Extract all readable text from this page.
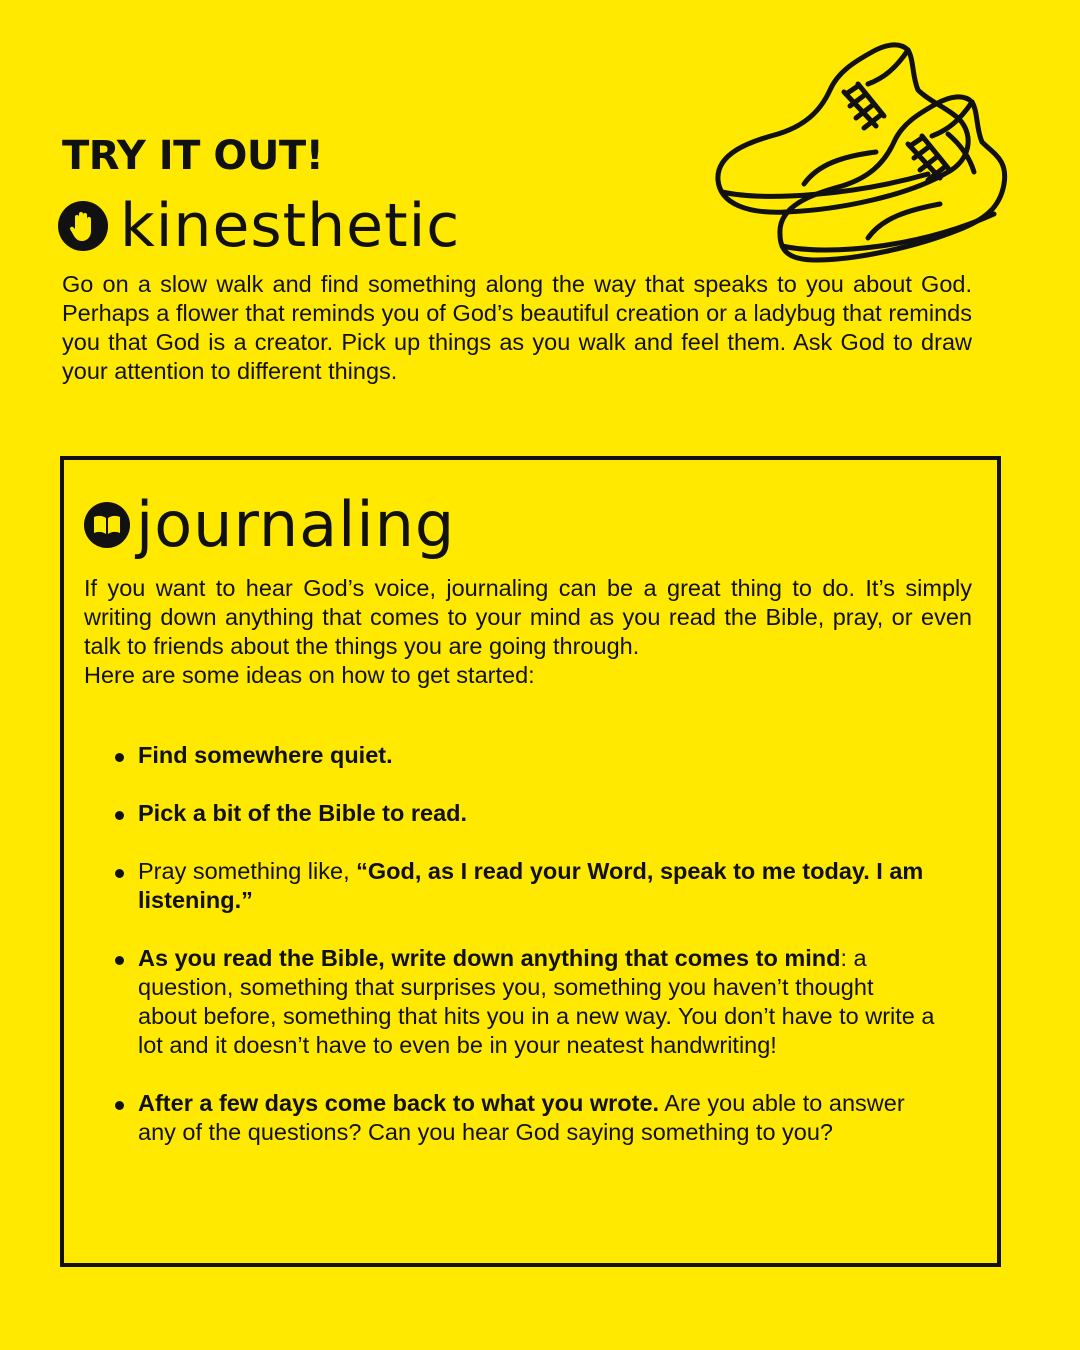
TRY IT OUT!
kinesthetic

Go on a slow walk and find something along the way that speaks to you about God. Perhaps a flower that reminds you of God’s beautiful creation or a ladybug that reminds you that God is a creator. Pick up things as you walk and feel them. Ask God to draw your attention to different things.

journaling
If you want to hear God’s voice, journaling can be a great thing to do. It’s simply writing down anything that comes to your mind as you read the Bible, pray, or even talk to friends about the things you are going through.
Here are some ideas on how to get started:
Find somewhere quiet.
Pick a bit of the Bible to read.
Pray something like, “God, as I read your Word, speak to me today. I am listening.”
As you read the Bible, write down anything that comes to mind: a question, something that surprises you, something you haven’t thought about before, something that hits you in a new way. You don’t have to write a lot and it doesn’t have to even be in your neatest handwriting!
After a few days come back to what you wrote. Are you able to answer any of the questions? Can you hear God saying something to you?
